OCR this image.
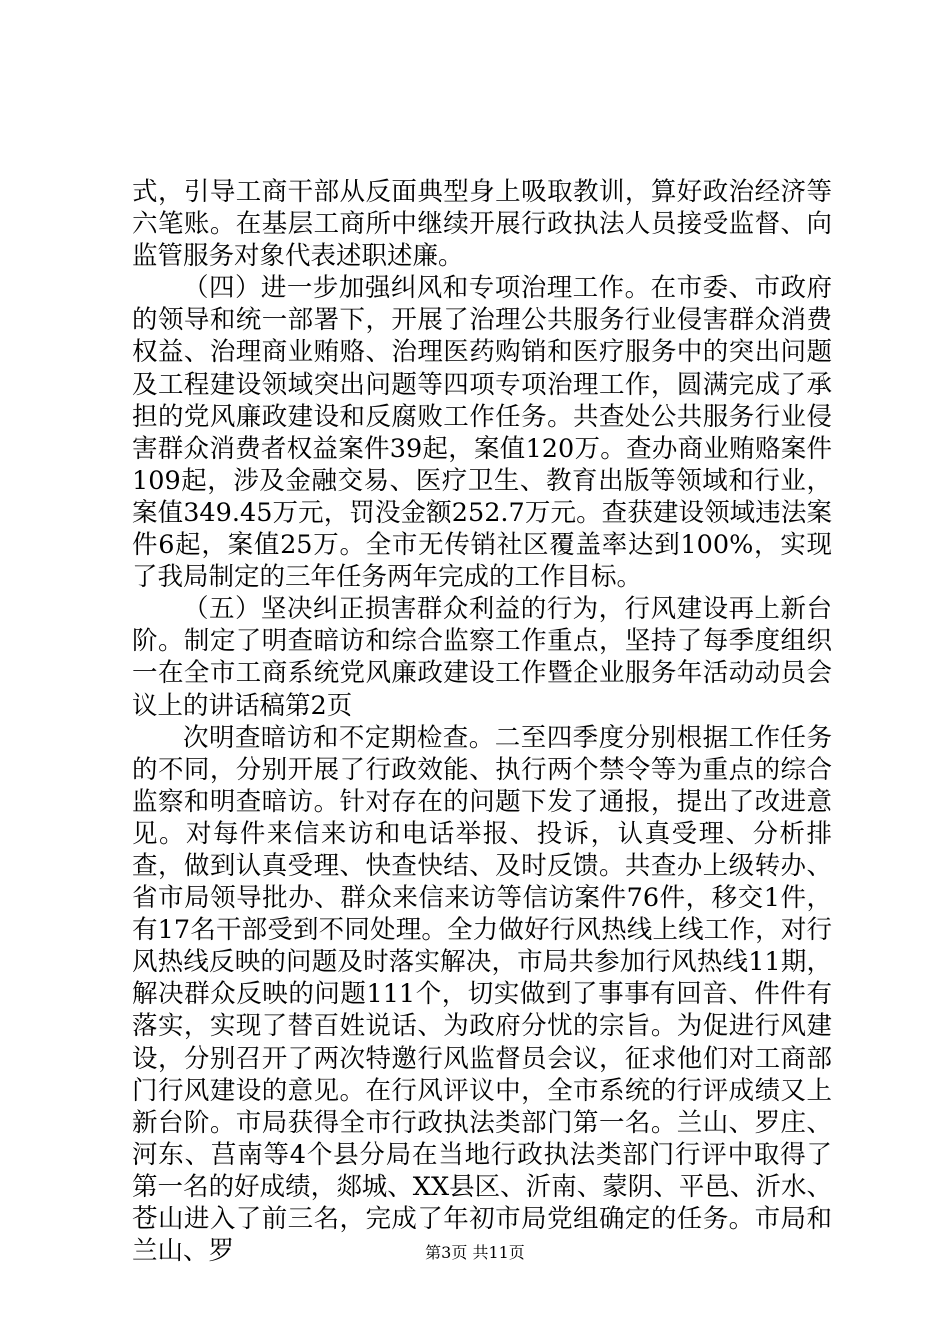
式，引导工商干部从反面典型身上吸取教训，算好政治经济等六笔账。在基层工商所中继续开展行政执法人员接受监督、向监管服务对象代表述职述廉。

（四）进一步加强纠风和专项治理工作。在市委、市政府的领导和统一部署下，开展了治理公共服务行业侵害群众消费权益、治理商业贿赂、治理医药购销和医疗服务中的突出问题及工程建设领域突出问题等四项专项治理工作，圆满完成了承担的党风廉政建设和反腐败工作任务。共查处公共服务行业侵害群众消费者权益案件39起，案值120万。查办商业贿赂案件109起，涉及金融交易、医疗卫生、教育出版等领域和行业，案值349.45万元，罚没金额252.7万元。查获建设领域违法案件6起，案值25万。全市无传销社区覆盖率达到100%，实现了我局制定的三年任务两年完成的工作目标。

（五）坚决纠正损害群众利益的行为，行风建设再上新台阶。制定了明查暗访和综合监察工作重点，坚持了每季度组织一在全市工商系统党风廉政建设工作暨企业服务年活动动员会议上的讲话稿第2页

次明查暗访和不定期检查。二至四季度分别根据工作任务的不同，分别开展了行政效能、执行两个禁令等为重点的综合监察和明查暗访。针对存在的问题下发了通报，提出了改进意见。对每件来信来访和电话举报、投诉，认真受理、分析排查，做到认真受理、快查快结、及时反馈。共查办上级转办、省市局领导批办、群众来信来访等信访案件76件，移交1件，有17名干部受到不同处理。全力做好行风热线上线工作，对行风热线反映的问题及时落实解决，市局共参加行风热线11期，解决群众反映的问题111个，切实做到了事事有回音、件件有落实，实现了替百姓说话、为政府分忧的宗旨。为促进行风建设，分别召开了两次特邀行风监督员会议，征求他们对工商部门行风建设的意见。在行风评议中，全市系统的行评成绩又上新台阶。市局获得全市行政执法类部门第一名。兰山、罗庄、河东、莒南等4个县分局在当地行政执法类部门行评中取得了第一名的好成绩，郯城、XX县区、沂南、蒙阴、平邑、沂水、苍山进入了前三名，完成了年初市局党组确定的任务。市局和兰山、罗	第3页 共11页
